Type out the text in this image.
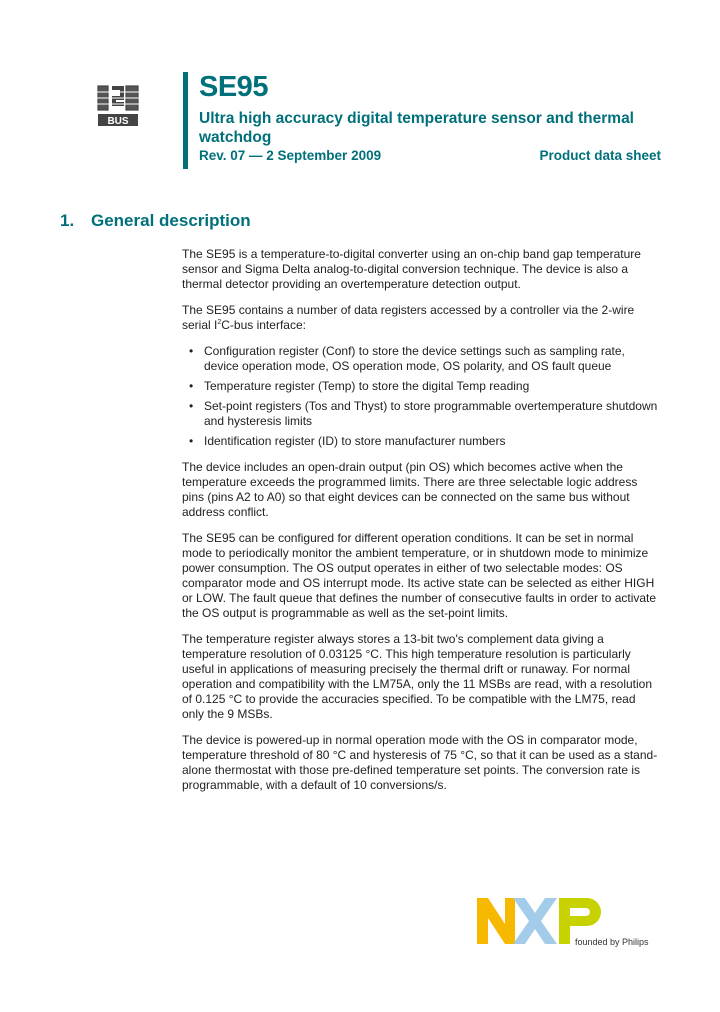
BUS
SE95
Ultra high accuracy digital temperature sensor and thermal watchdog
Rev. 07 — 2 September 2009	Product data sheet
1. General description

The SE95 is a temperature-to-digital converter using an on-chip band gap temperature sensor and Sigma Delta analog-to-digital conversion technique. The device is also a thermal detector providing an overtemperature detection output.

The SE95 contains a number of data registers accessed by a controller via the 2-wire serial $I^2C$-bus interface:

• Configuration register (Conf) to store the device settings such as sampling rate, device operation mode, OS operation mode, OS polarity, and OS fault queue
• Temperature register (Temp) to store the digital Temp reading
• Set-point registers (Tos and Thyst) to store programmable overtemperature shutdown and hysteresis limits
• Identification register (ID) to store manufacturer numbers

The device includes an open-drain output (pin OS) which becomes active when the temperature exceeds the programmed limits. There are three selectable logic address pins (pins A2 to A0) so that eight devices can be connected on the same bus without address conflict.

The SE95 can be configured for different operation conditions. It can be set in normal mode to periodically monitor the ambient temperature, or in shutdown mode to minimize power consumption. The OS output operates in either of two selectable modes: OS comparator mode and OS interrupt mode. Its active state can be selected as either HIGH or LOW. The fault queue that defines the number of consecutive faults in order to activate the OS output is programmable as well as the set-point limits.

The temperature register always stores a 13-bit two's complement data giving a temperature resolution of 0.03125 °C. This high temperature resolution is particularly useful in applications of measuring precisely the thermal drift or runaway. For normal operation and compatibility with the LM75A, only the 11 MSBs are read, with a resolution of 0.125 °C to provide the accuracies specified. To be compatible with the LM75, read only the 9 MSBs.

The device is powered-up in normal operation mode with the OS in comparator mode, temperature threshold of 80 °C and hysteresis of 75 °C, so that it can be used as a stand-alone thermostat with those pre-defined temperature set points. The conversion rate is programmable, with a default of 10 conversions/s.

founded by Philips
